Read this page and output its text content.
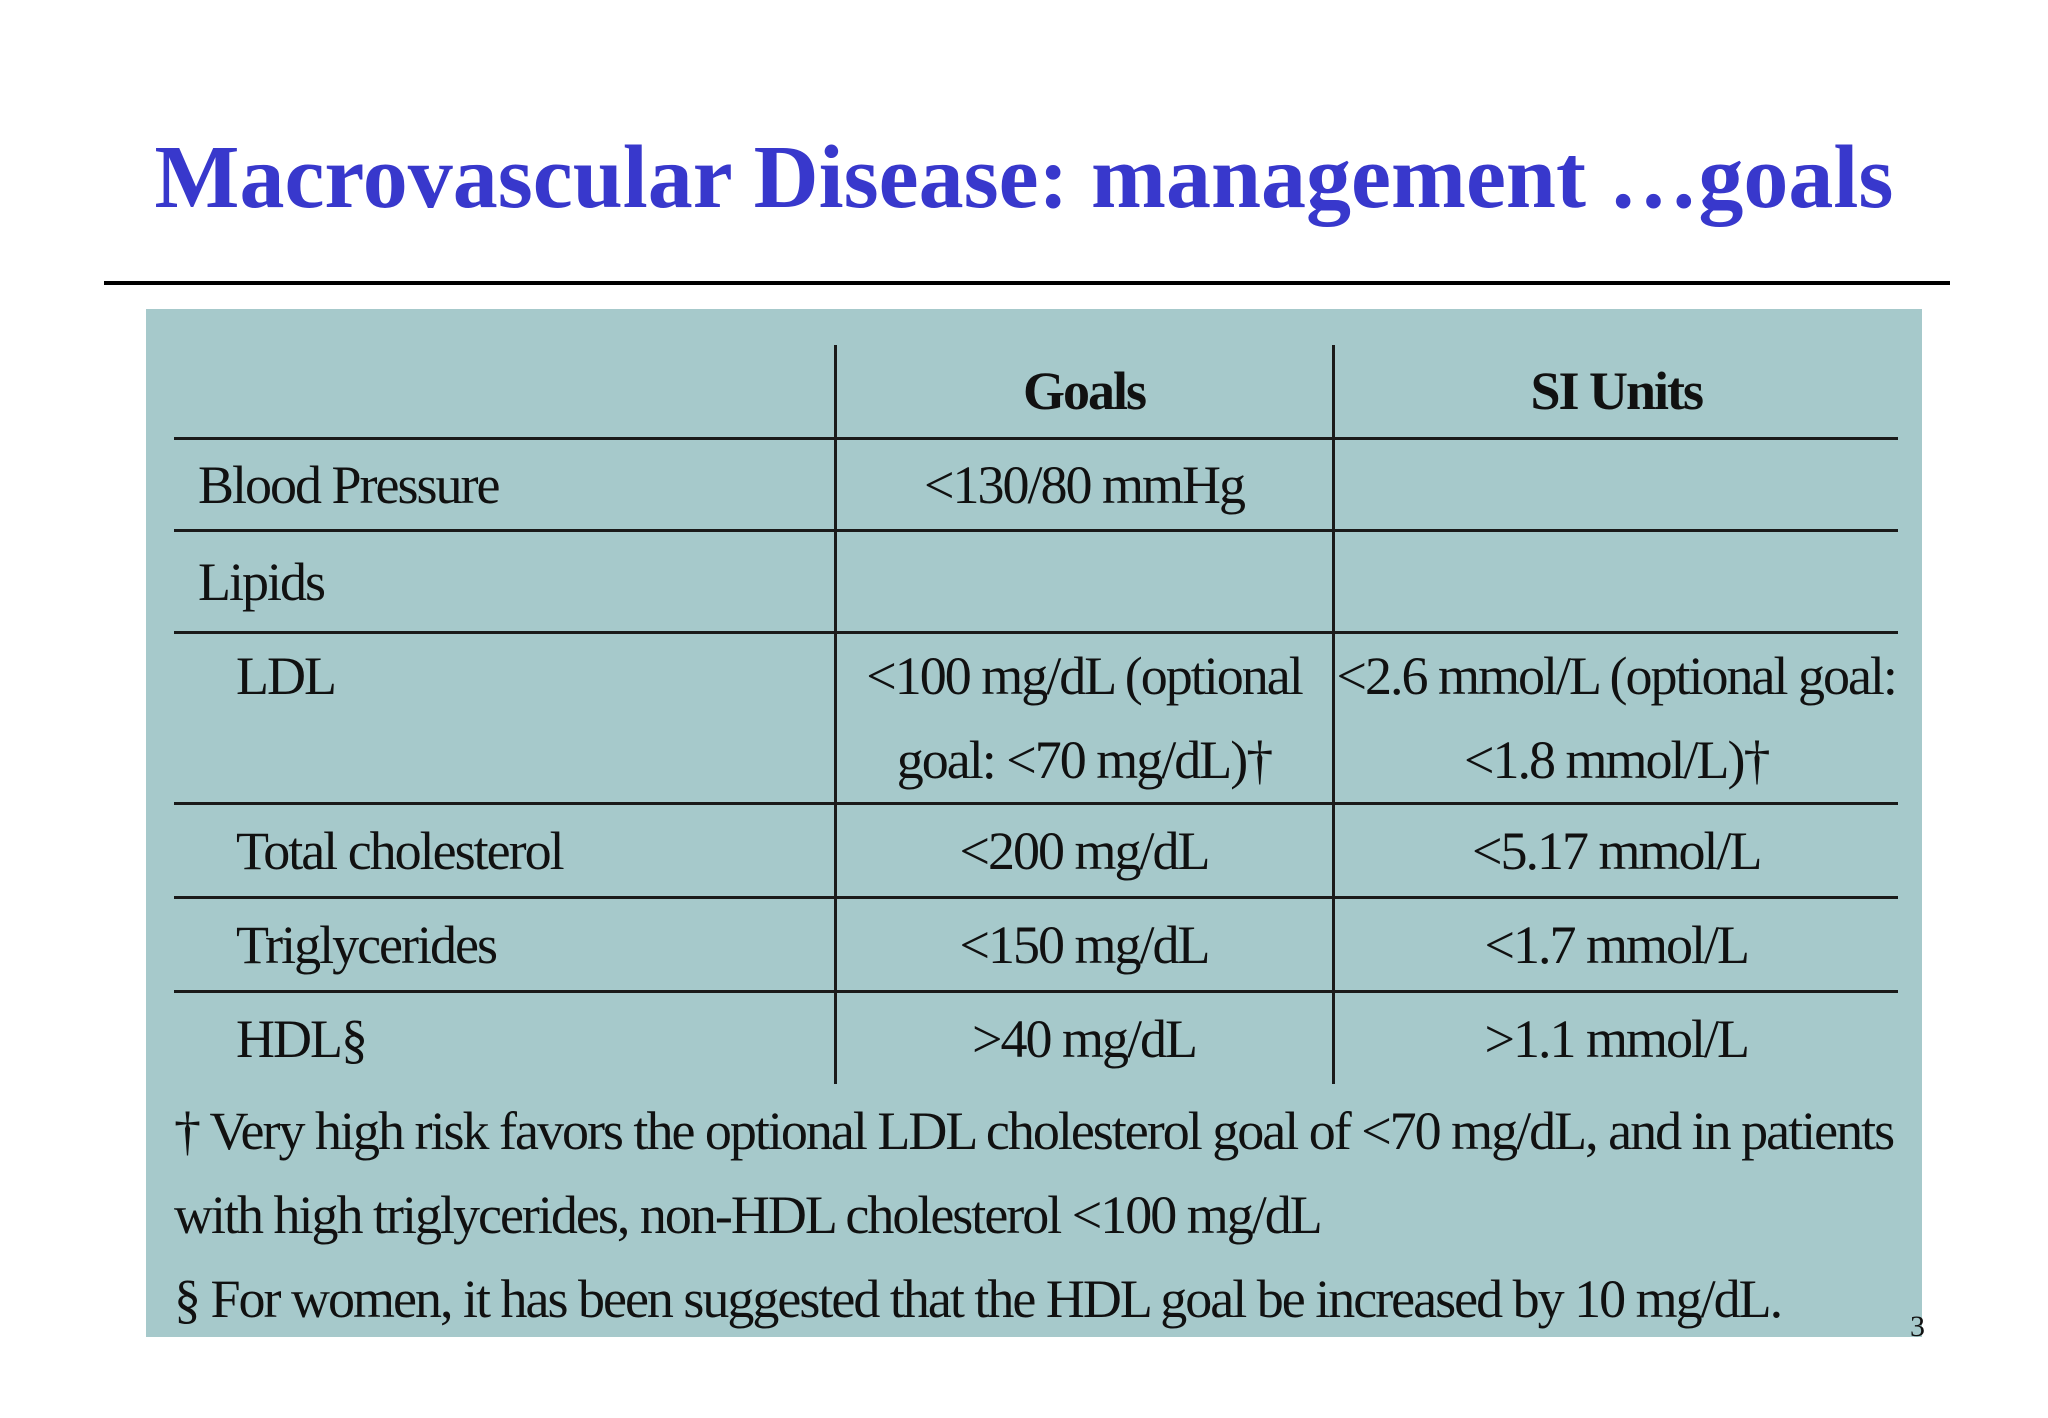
Macrovascular Disease: management …goals
	Goals	SI Units
Blood Pressure	<130/80 mmHg	
Lipids		
LDL	<100 mg/dL (optional goal: <70 mg/dL)†	<2.6 mmol/L (optional goal: <1.8 mmol/L)†
Total cholesterol	<200 mg/dL	<5.17 mmol/L
Triglycerides	<150 mg/dL	<1.7 mmol/L
HDL§	>40 mg/dL	>1.1 mmol/L

† Very high risk favors the optional LDL cholesterol goal of <70 mg/dL, and in patients with high triglycerides, non-HDL cholesterol <100 mg/dL

§ For women, it has been suggested that the HDL goal be increased by 10 mg/dL.	3
